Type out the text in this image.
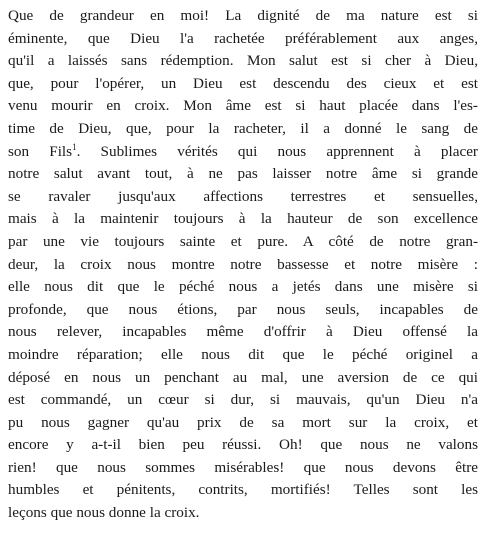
Que de grandeur en moi! La dignité de ma nature est si
éminente, que Dieu l'a rachetée préférablement aux anges,
qu'il a laissés sans rédemption. Mon salut est si cher à Dieu,
que, pour l'opérer, un Dieu est descendu des cieux et est
venu mourir en croix. Mon âme est si haut placée dans l'es-
time de Dieu, que, pour la racheter, il a donné le sang de
son Fils$^1$. Sublimes vérités qui nous apprennent à placer
notre salut avant tout, à ne pas laisser notre âme si grande
se ravaler jusqu'aux affections terrestres et sensuelles,
mais à la maintenir toujours à la hauteur de son excellence
par une vie toujours sainte et pure. A côté de notre gran-
deur, la croix nous montre notre bassesse et notre misère :
elle nous dit que le péché nous a jetés dans une misère si
profonde, que nous étions, par nous seuls, incapables de
nous relever, incapables même d'offrir à Dieu offensé la
moindre réparation; elle nous dit que le péché originel a
déposé en nous un penchant au mal, une aversion de ce qui
est commandé, un cœur si dur, si mauvais, qu'un Dieu n'a
pu nous gagner qu'au prix de sa mort sur la croix, et
encore y a-t-il bien peu réussi. Oh! que nous ne valons
rien! que nous sommes misérables! que nous devons être
humbles et pénitents, contrits, mortifiés! Telles sont les
leçons que nous donne la croix.
